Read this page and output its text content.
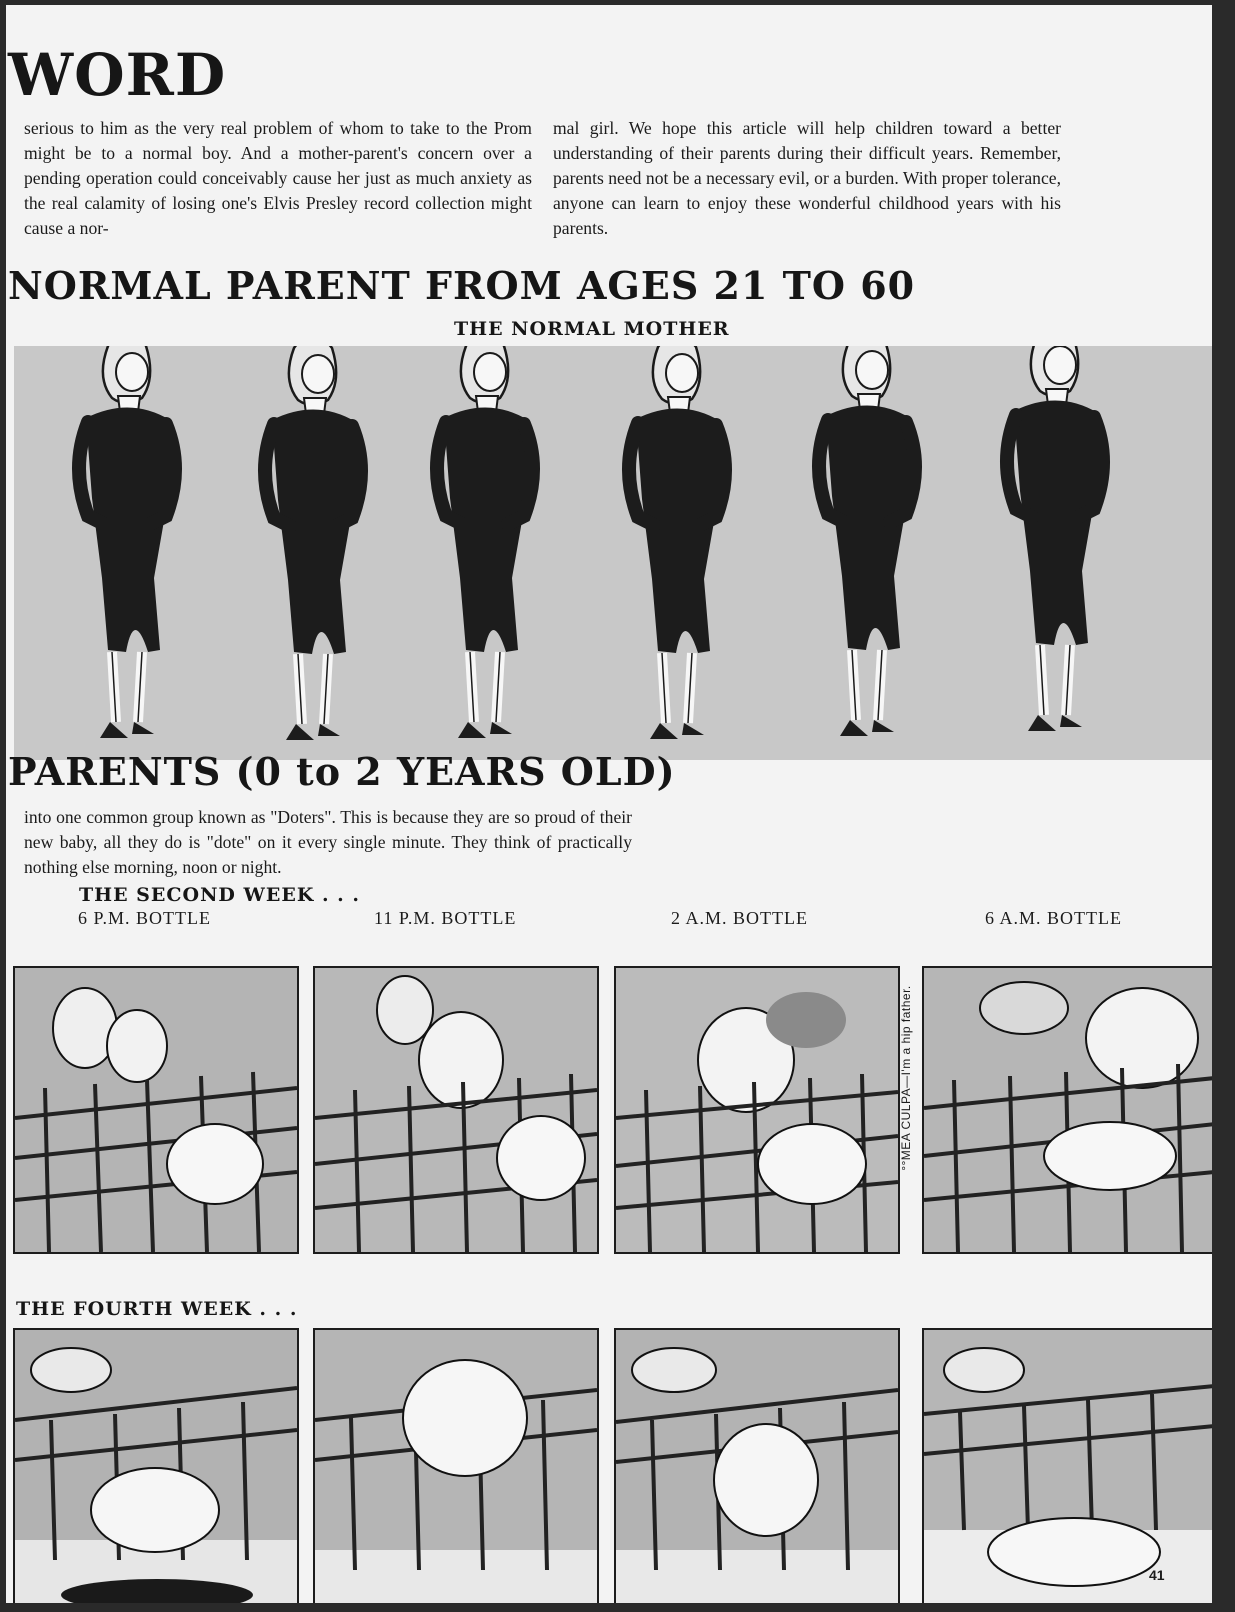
WORD

serious to him as the very real problem of whom to take to the Prom might be to a normal boy. And a mother-parent's concern over a pending operation could conceivably cause her just as much anxiety as the real calamity of losing one's Elvis Presley record collection might cause a nor-

mal girl. We hope this article will help children toward a better understanding of their parents during their difficult years. Remember, parents need not be a necessary evil, or a burden. With proper tolerance, anyone can learn to enjoy these wonderful childhood years with his parents.

NORMAL PARENT FROM AGES 21 TO 60
THE NORMAL MOTHER
PARENTS (0 to 2 YEARS OLD)

into one common group known as "Doters". This is because they are so proud of their new baby, all they do is "dote" on it every single minute. They think of practically nothing else morning, noon or night.

THE SECOND WEEK . . .
6 P.M. BOTTLE	11 P.M. BOTTLE	2 A.M. BOTTLE	6 A.M. BOTTLE
°°MEA CULPA—I'm a hip father.
THE FOURTH WEEK . . .
41
